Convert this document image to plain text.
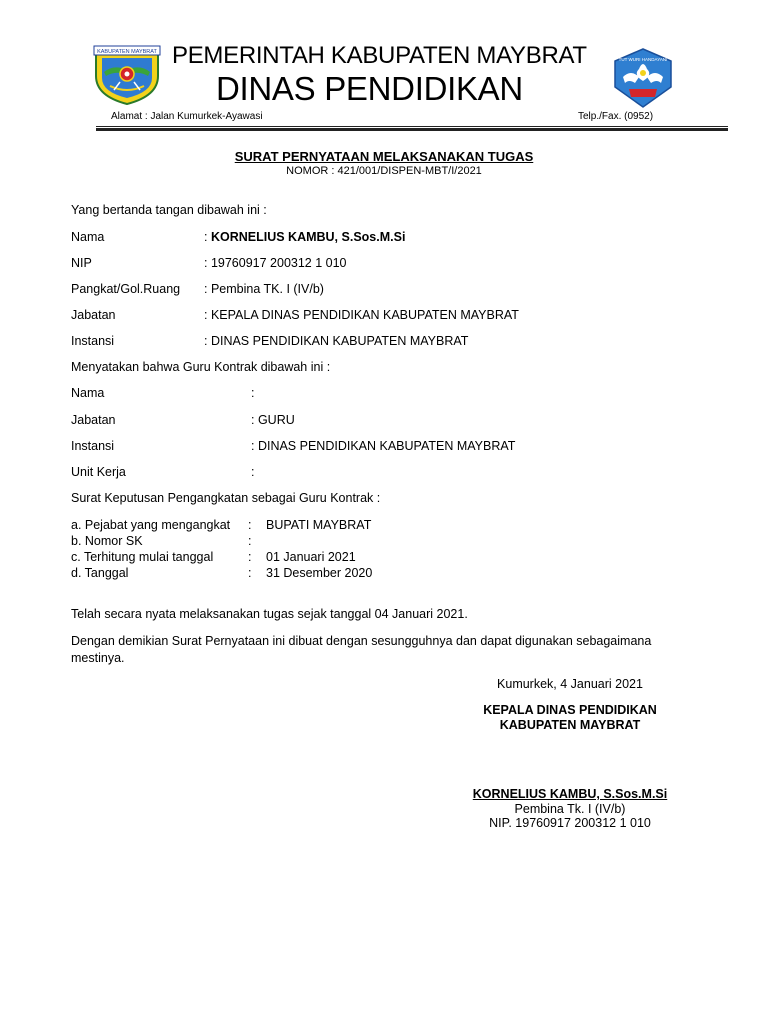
KABUPATEN MAYBRAT PEMERINTAH KABUPATEN MAYBRAT
DINAS PENDIDIKAN
TUT WURI HANDAYANI
Alamat : Jalan Kumurkek-Ayawasi	Telp./Fax. (0952)
SURAT PERNYATAAN MELAKSANAKAN TUGAS
NOMOR : 421/001/DISPEN-MBT/I/2021
Yang bertanda tangan dibawah ini :
Nama	: KORNELIUS KAMBU, S.Sos.M.Si
NIP	: 19760917 200312 1 010
Pangkat/Gol.Ruang : Pembina TK. I (IV/b)
Jabatan	: KEPALA DINAS PENDIDIKAN KABUPATEN MAYBRAT
Instansi	: DINAS PENDIDIKAN KABUPATEN MAYBRAT
Menyatakan bahwa Guru Kontrak dibawah ini :
Nama	:
Jabatan	: GURU
Instansi	: DINAS PENDIDIKAN KABUPATEN MAYBRAT
Unit Kerja	:
Surat Keputusan Pengangkatan sebagai Guru Kontrak :
a. Pejabat yang mengangkat : BUPATI MAYBRAT
b. Nomor SK	:
c. Terhitung mulai tanggal	: 01 Januari 2021
d. Tanggal	: 31 Desember 2020
Telah secara nyata melaksanakan tugas sejak tanggal 04 Januari 2021.
Dengan demikian Surat Pernyataan ini dibuat dengan sesungguhnya dan dapat digunakan sebagaimana
mestinya.
Kumurkek, 4 Januari 2021
KEPALA DINAS PENDIDIKAN
KABUPATEN MAYBRAT
KORNELIUS KAMBU, S.Sos.M.Si
Pembina Tk. I (IV/b)
NIP. 19760917 200312 1 010
